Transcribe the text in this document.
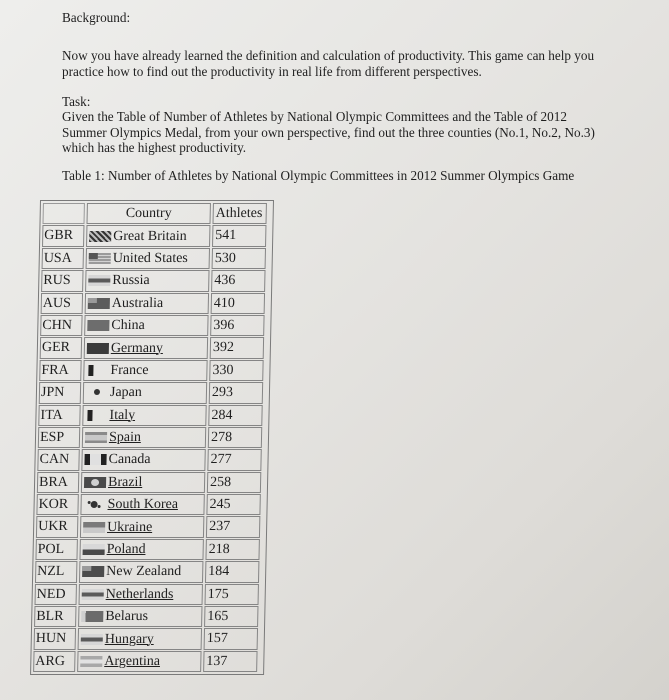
Background:
Now you have already learned the definition and calculation of productivity. This game can help you practice how to find out the productivity in real life from different perspectives.
Task:
Given the Table of Number of Athletes by National Olympic Committees and the Table of 2012 Summer Olympics Medal, from your own perspective, find out the three counties (No.1, No.2, No.3) which has the highest productivity.
Table 1: Number of Athletes by National Olympic Committees in 2012 Summer Olympics Game
Country	Athletes
GBR	Great Britain 541
USA	United States 530
RUS	Russia	436
AUS	Australia	410
CHN	China	396
GER	Germany	392
FRA	France	330
JPN	Japan	293
ITA	Italy	284
ESP	Spain	278
CAN	Canada	277
BRA	Brazil	258
KOR	South Korea 245
UKR	Ukraine	237
POL	Poland	218
NZL	New Zealand 184
NED	Netherlands 175
BLR	Belarus	165
HUN	Hungary	157
ARG	Argentina	137
